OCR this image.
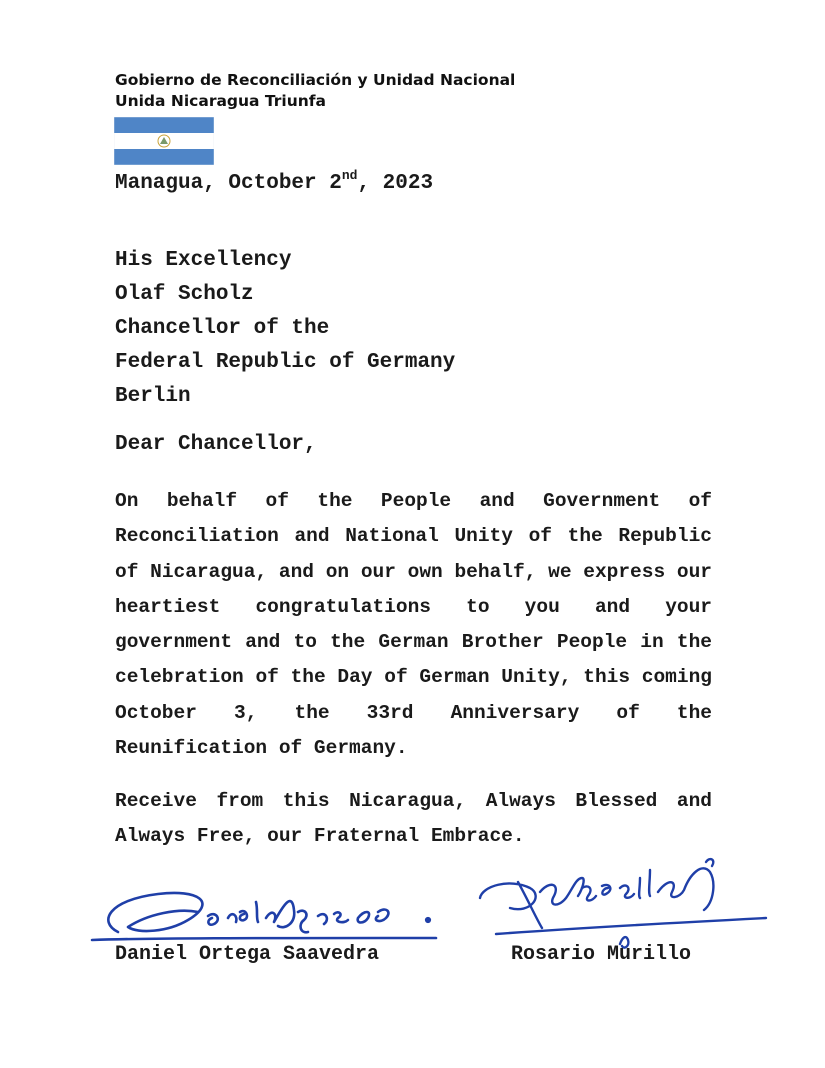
Gobierno de Reconciliación y Unidad Nacional
Unida Nicaragua Triunfa
Managua, October 2nd, 2023
His Excellency
Olaf Scholz
Chancellor of the
Federal Republic of Germany
Berlin
Dear Chancellor,
On behalf of the People and Government of Reconciliation and National Unity of the Republic of Nicaragua, and on our own behalf, we express our heartiest congratulations to you and your government and to the German Brother People in the celebration of the Day of German Unity, this coming October 3, the 33rd Anniversary of the Reunification of Germany.
Receive from this Nicaragua, Always Blessed and Always Free, our Fraternal Embrace.
Daniel Ortega Saavedra	Rosario Murillo
